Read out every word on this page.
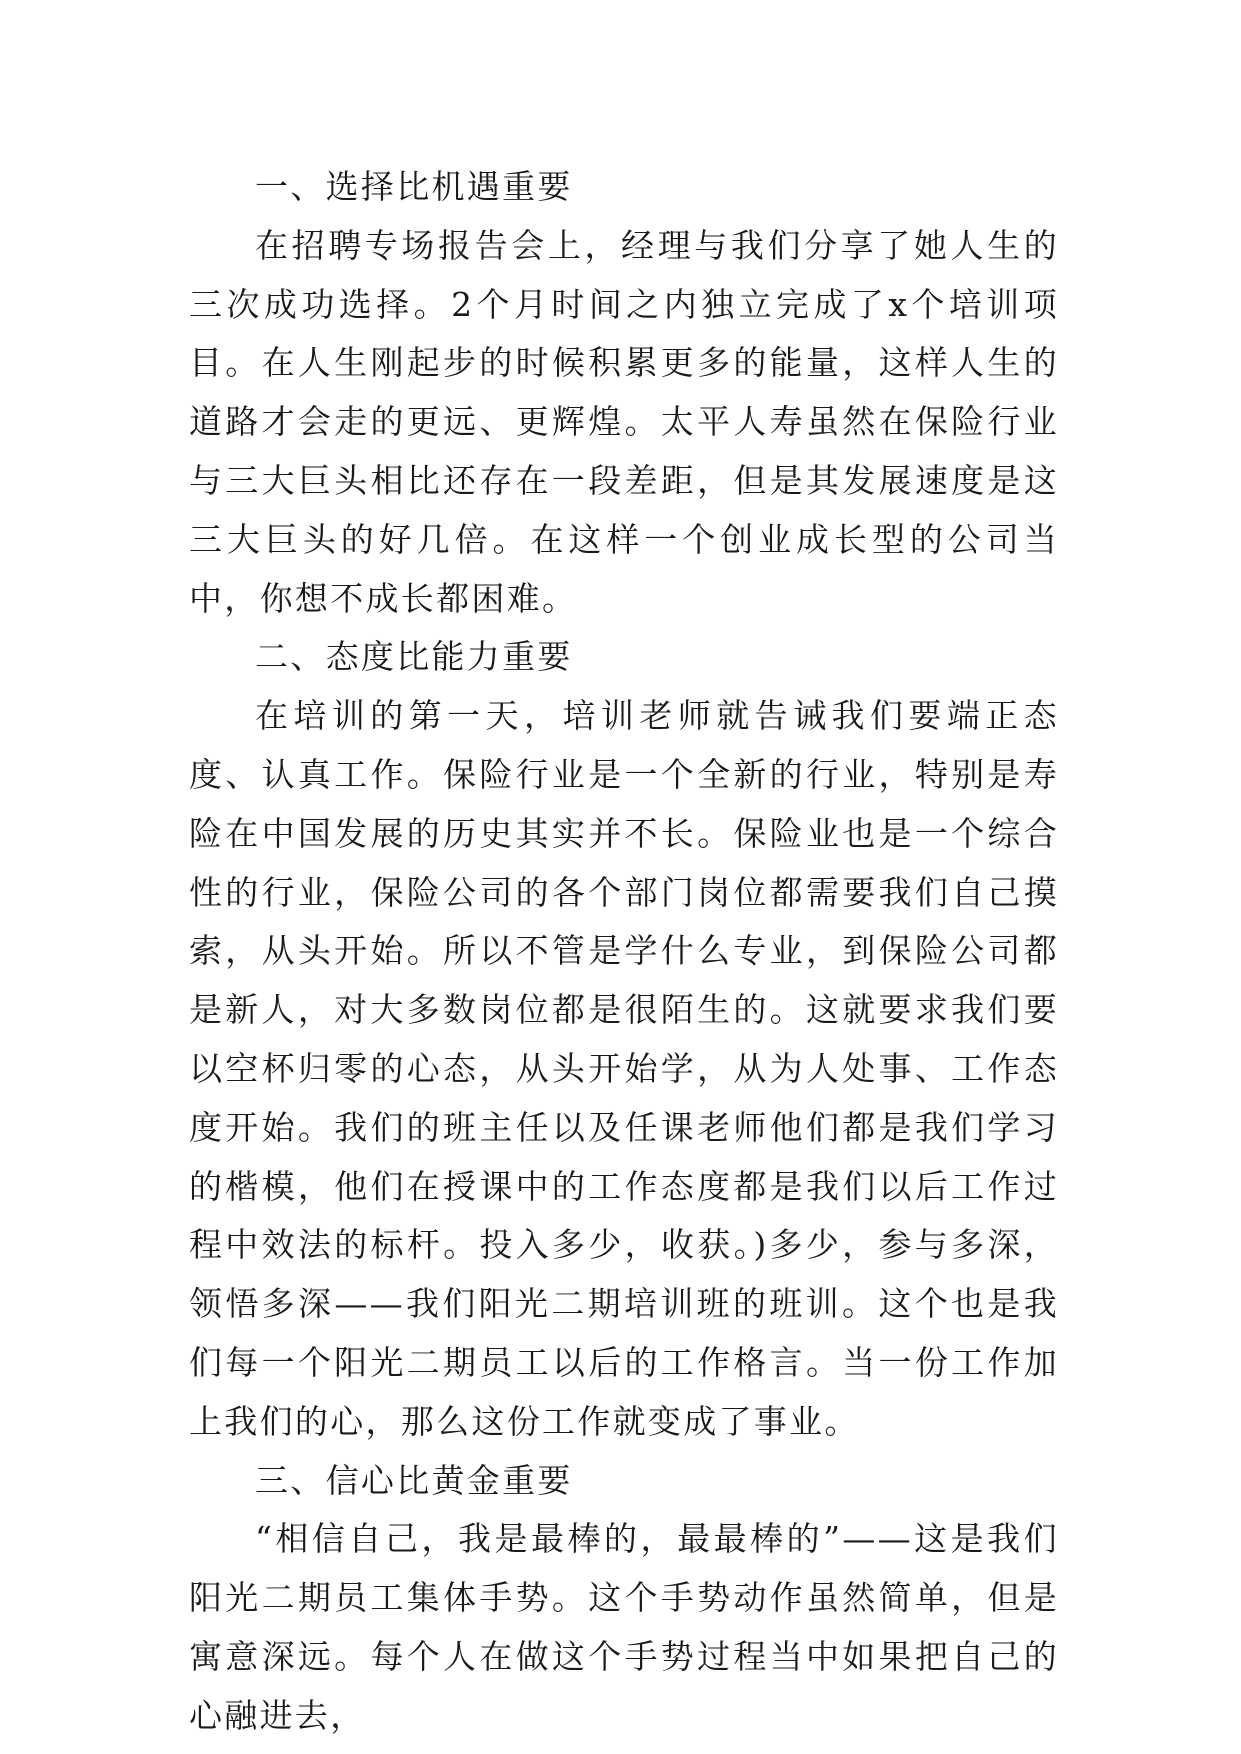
一、选择比机遇重要

在招聘专场报告会上，经理与我们分享了她人生的三次成功选择。2个月时间之内独立完成了x个培训项目。在人生刚起步的时候积累更多的能量，这样人生的道路才会走的更远、更辉煌。太平人寿虽然在保险行业与三大巨头相比还存在一段差距，但是其发展速度是这三大巨头的好几倍。在这样一个创业成长型的公司当中，你想不成长都困难。

二、态度比能力重要

在培训的第一天，培训老师就告诫我们要端正态度、认真工作。保险行业是一个全新的行业，特别是寿险在中国发展的历史其实并不长。保险业也是一个综合性的行业，保险公司的各个部门岗位都需要我们自己摸索，从头开始。所以不管是学什么专业，到保险公司都是新人，对大多数岗位都是很陌生的。这就要求我们要以空杯归零的心态，从头开始学，从为人处事、工作态度开始。我们的班主任以及任课老师他们都是我们学习的楷模，他们在授课中的工作态度都是我们以后工作过程中效法的标杆。投入多少，收获。)多少，参与多深，领悟多深——我们阳光二期培训班的班训。这个也是我们每一个阳光二期员工以后的工作格言。当一份工作加上我们的心，那么这份工作就变成了事业。

三、信心比黄金重要

“相信自己，我是最棒的，最最棒的”——这是我们阳光二期员工集体手势。这个手势动作虽然简单，但是寓意深远。每个人在做这个手势过程当中如果把自己的心融进去，
